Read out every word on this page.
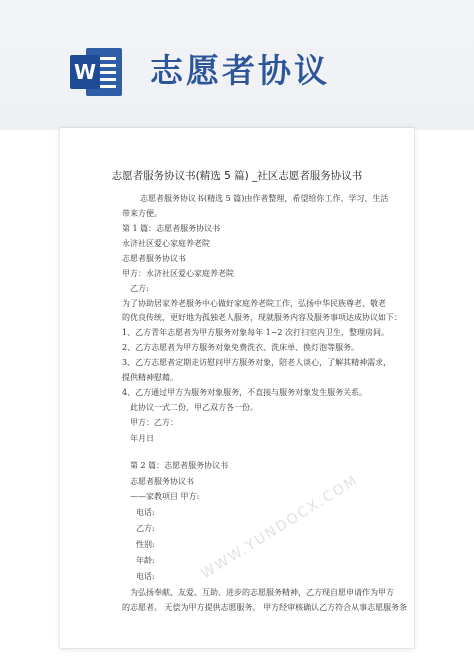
W 志愿者协议
WWW.YUNDOCX.COM
志愿者服务协议书(精选 5 篇) _社区志愿者服务协议书
志愿者服务协议书(精选 5 篇)由作者整理，希望给你工作、学习、生活
带来方便。
第 1 篇：志愿者服务协议书
永济社区爱心家庭养老院
志愿者服务协议书
甲方：永济社区爱心家庭养老院
乙方:
为了协助居家养老服务中心做好家庭养老院工作，弘扬中华民族尊老、敬老
的优良传统，更好地为孤独老人服务，现就服务内容及服务事项达成协议如下：
1、乙方青年志愿者为甲方服务对象每年 1~2 次打扫室内卫生，整理房间。
2、乙方志愿者为甲方服务对象免费洗衣、洗床单、换灯泡等服务。
3、乙方志愿者定期走访慰问甲方服务对象，陪老人谈心，了解其精神需求，
提供精神慰藉。
4、乙方通过甲方为服务对象服务，不直接与服务对象发生服务关系。
此协议一式二份，甲乙双方各一份。
甲方：乙方：
年月日
第 2 篇：志愿者服务协议书
志愿者服务协议书
——家教项目 甲方:
电话:
乙方:
性别:
年龄:
电话:
为弘扬奉献、友爱、互助、进步的志愿服务精神，乙方现自愿申请作为甲方
的志愿者。 无偿为甲方提供志愿服务。 甲方经审核确认乙方符合从事志愿服务条
